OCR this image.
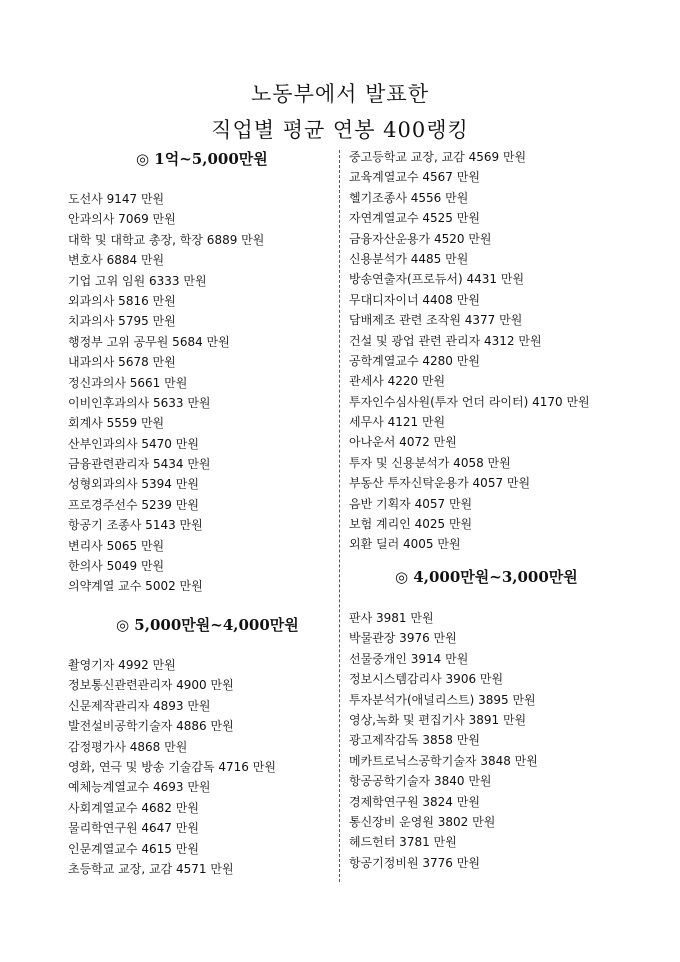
노동부에서 발표한
직업별 평균 연봉 400랭킹
◎ 1억~5,000만원
도선사 9147 만원
안과의사 7069 만원
대학 및 대학교 총장, 학장 6889 만원
변호사 6884 만원
기업 고위 임원 6333 만원
외과의사 5816 만원
치과의사 5795 만원
행정부 고위 공무원 5684 만원
내과의사 5678 만원
정신과의사 5661 만원
이비인후과의사 5633 만원
회계사 5559 만원
산부인과의사 5470 만원
금융관련관리자 5434 만원
성형외과의사 5394 만원
프로경주선수 5239 만원
항공기 조종사 5143 만원
변리사 5065 만원
한의사 5049 만원
의약계열 교수 5002 만원
◎ 5,000만원~4,000만원
촬영기자 4992 만원
정보통신관련관리자 4900 만원
신문제작관리자 4893 만원
발전설비공학기술자 4886 만원
감정평가사 4868 만원
영화, 연극 및 방송 기술감독 4716 만원
예체능계열교수 4693 만원
사회계열교수 4682 만원
물리학연구원 4647 만원
인문계열교수 4615 만원
초등학교 교장, 교감 4571 만원
중고등학교 교장, 교감 4569 만원
교육계열교수 4567 만원
헬기조종사 4556 만원
자연계열교수 4525 만원
금융자산운용가 4520 만원
신용분석가 4485 만원
방송연출자(프로듀서) 4431 만원
무대디자이너 4408 만원
담배제조 관련 조작원 4377 만원
건설 및 광업 관련 관리자 4312 만원
공학계열교수 4280 만원
관세사 4220 만원
투자인수심사원(투자 언더 라이터) 4170 만원
세무사 4121 만원
아나운서 4072 만원
투자 및 신용분석가 4058 만원
부동산 투자신탁운용가 4057 만원
음반 기획자 4057 만원
보험 계리인 4025 만원
외환 딜러 4005 만원
◎ 4,000만원~3,000만원
판사 3981 만원
박물관장 3976 만원
선물중개인 3914 만원
정보시스템감리사 3906 만원
투자분석가(애널리스트) 3895 만원
영상,녹화 및 편집기사 3891 만원
광고제작감독 3858 만원
메카트로닉스공학기술자 3848 만원
항공공학기술자 3840 만원
경제학연구원 3824 만원
통신장비 운영원 3802 만원
헤드헌터 3781 만원
항공기정비원 3776 만원
